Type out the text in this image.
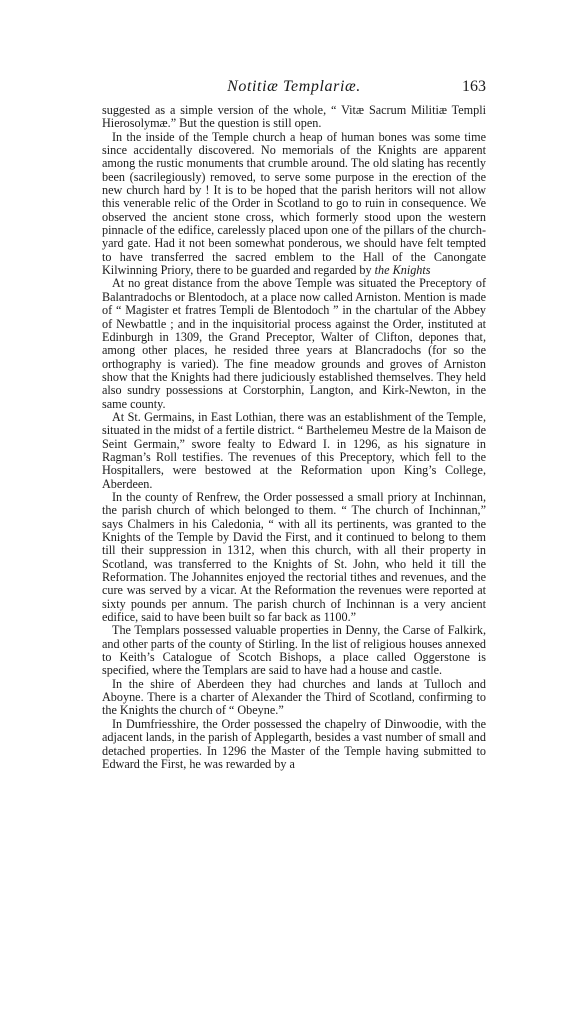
Notitiæ Templariæ.	163

suggested as a simple version of the whole, “ Vitæ Sacrum Militiæ Templi Hierosolymæ.” But the question is still open.

In the inside of the Temple church a heap of human bones was some time since accidentally discovered. No memorials of the Knights are apparent among the rustic monuments that crumble around. The old slating has recently been (sacrilegiously) removed, to serve some purpose in the erection of the new church hard by ! It is to be hoped that the parish heritors will not allow this venerable relic of the Order in Scotland to go to ruin in consequence. We observed the ancient stone cross, which formerly stood upon the western pinnacle of the edifice, carelessly placed upon one of the pillars of the church-yard gate. Had it not been somewhat ponderous, we should have felt tempted to have transferred the sacred emblem to the Hall of the Canongate Kilwinning Priory, there to be guarded and regarded by the Knights

At no great distance from the above Temple was situated the Preceptory of Balantradochs or Blentodoch, at a place now called Arniston. Mention is made of “ Magister et fratres Templi de Blentodoch ” in the chartular of the Abbey of Newbattle ; and in the inquisitorial process against the Order, instituted at Edinburgh in 1309, the Grand Preceptor, Walter of Clifton, depones that, among other places, he resided three years at Blancradochs (for so the orthography is varied). The fine meadow grounds and groves of Arniston show that the Knights had there judiciously established themselves. They held also sundry possessions at Corstorphin, Langton, and Kirk-Newton, in the same county.

At St. Germains, in East Lothian, there was an establishment of the Temple, situated in the midst of a fertile district. “ Barthelemeu Mestre de la Maison de Seint Germain,” swore fealty to Edward I. in 1296, as his signature in Ragman’s Roll testifies. The revenues of this Preceptory, which fell to the Hospitallers, were bestowed at the Reformation upon King’s College, Aberdeen.

In the county of Renfrew, the Order possessed a small priory at Inchinnan, the parish church of which belonged to them. “ The church of Inchinnan,” says Chalmers in his Caledonia, “ with all its pertinents, was granted to the Knights of the Temple by David the First, and it continued to belong to them till their suppression in 1312, when this church, with all their property in Scotland, was transferred to the Knights of St. John, who held it till the Reformation. The Johannites enjoyed the rectorial tithes and revenues, and the cure was served by a vicar. At the Reformation the revenues were reported at sixty pounds per annum. The parish church of Inchinnan is a very ancient edifice, said to have been built so far back as 1100.”

The Templars possessed valuable properties in Denny, the Carse of Falkirk, and other parts of the county of Stirling. In the list of religious houses annexed to Keith’s Catalogue of Scotch Bishops, a place called Oggerstone is specified, where the Templars are said to have had a house and castle.

In the shire of Aberdeen they had churches and lands at Tulloch and Aboyne. There is a charter of Alexander the Third of Scotland, confirming to the Knights the church of “ Obeyne.”

In Dumfriesshire, the Order possessed the chapelry of Dinwoodie, with the adjacent lands, in the parish of Applegarth, besides a vast number of small and detached properties. In 1296 the Master of the Temple having submitted to Edward the First, he was rewarded by a
